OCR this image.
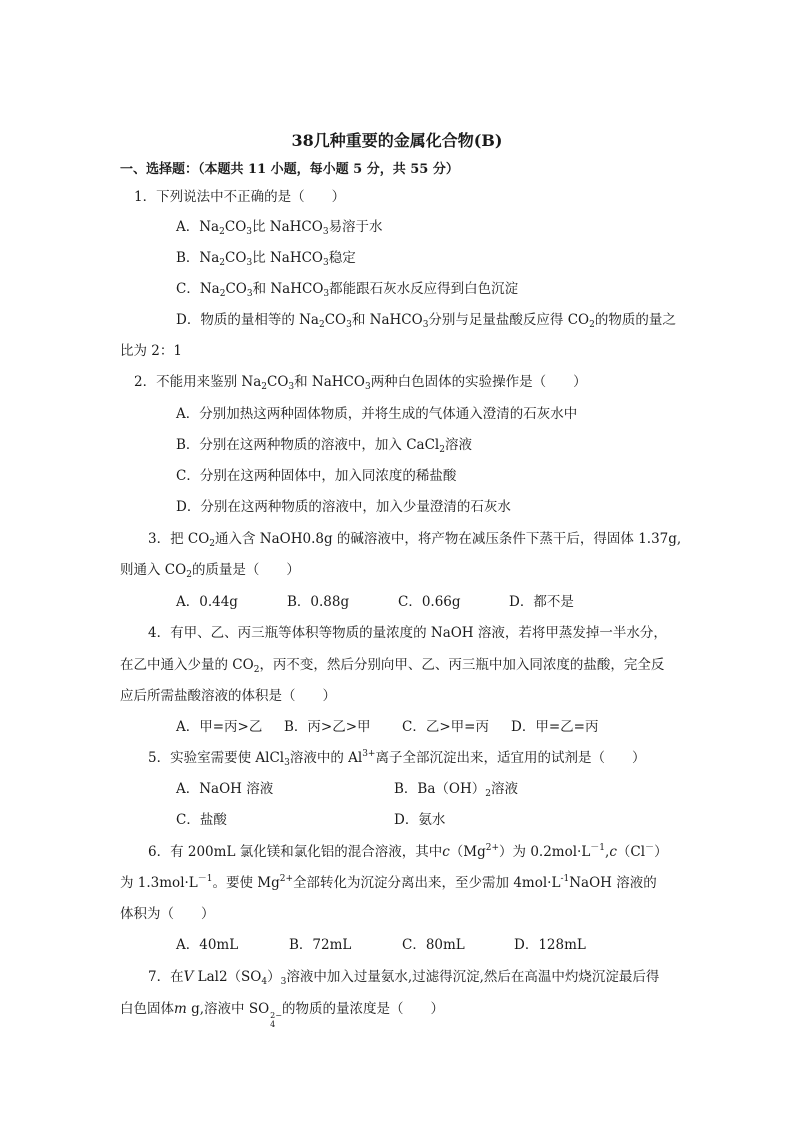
38几种重要的金属化合物(B)
一、选择题：（本题共 11 小题，每小题 5 分，共 55 分）
1．下列说法中不正确的是（　　）
A．$Na_2CO_3$比 NaHCO$_3$易溶于水
B．$Na_2CO_3$比 NaHCO$_3$稳定
C．$Na_2CO_3$和 NaHCO$_3$都能跟石灰水反应得到白色沉淀
D．物质的量相等的 $Na_2CO_3$和 NaHCO$_3$分别与足量盐酸反应得 $CO_2$的物质的量之
比为 2：1
2．不能用来鉴别 $Na_2CO_3$和 NaHCO$_3$两种白色固体的实验操作是（　　）
A．分别加热这两种固体物质，并将生成的气体通入澄清的石灰水中
B．分别在这两种物质的溶液中，加入 CaCl$_2$溶液
C．分别在这两种固体中，加入同浓度的稀盐酸
D．分别在这两种物质的溶液中，加入少量澄清的石灰水
3．把 $CO_2$通入含 NaOH0.8g 的碱溶液中，将产物在减压条件下蒸干后，得固体 1.37g,
则通入 $CO_2$的质量是（　　）
A．0.44g	B．0.88g	C．0.66g	D．都不是
4．有甲、乙、丙三瓶等体积等物质的量浓度的 NaOH 溶液，若将甲蒸发掉一半水分，
在乙中通入少量的 $CO_2$，丙不变，然后分别向甲、乙、丙三瓶中加入同浓度的盐酸，完全反
应后所需盐酸溶液的体积是（　　）
A．甲=丙>乙 B．丙>乙>甲 C．乙>甲=丙 D．甲=乙=丙
5．实验室需要使 AlCl$_3$溶液中的 $Al^{3+}$离子全部沉淀出来，适宜用的试剂是（　　）
A．NaOH 溶液	B．$Ba(OH)_2$溶液
C．盐酸	D．氨水
6．有 200mL 氯化镁和氯化铝的混合溶液，其中$c(Mg^{2+})$为 $0.2mol\cdot L^{-1},c(Cl^-)$
为 $1.3mol\cdot L^{-1}$。要使 $Mg^{2+}$全部转化为沉淀分离出来，至少需加 $4mol\cdot L^{-1}NaOH$ 溶液的
体积为（　　）
A．40mL	B．72mL	C．80mL	D．128mL
7．在V $Lal2(SO_4)_3$溶液中加入过量氨水,过滤得沉淀,然后在高温中灼烧沉淀最后得
白色固体m g,溶液中 SO 2−
4
的物质的量浓度是（　　）
